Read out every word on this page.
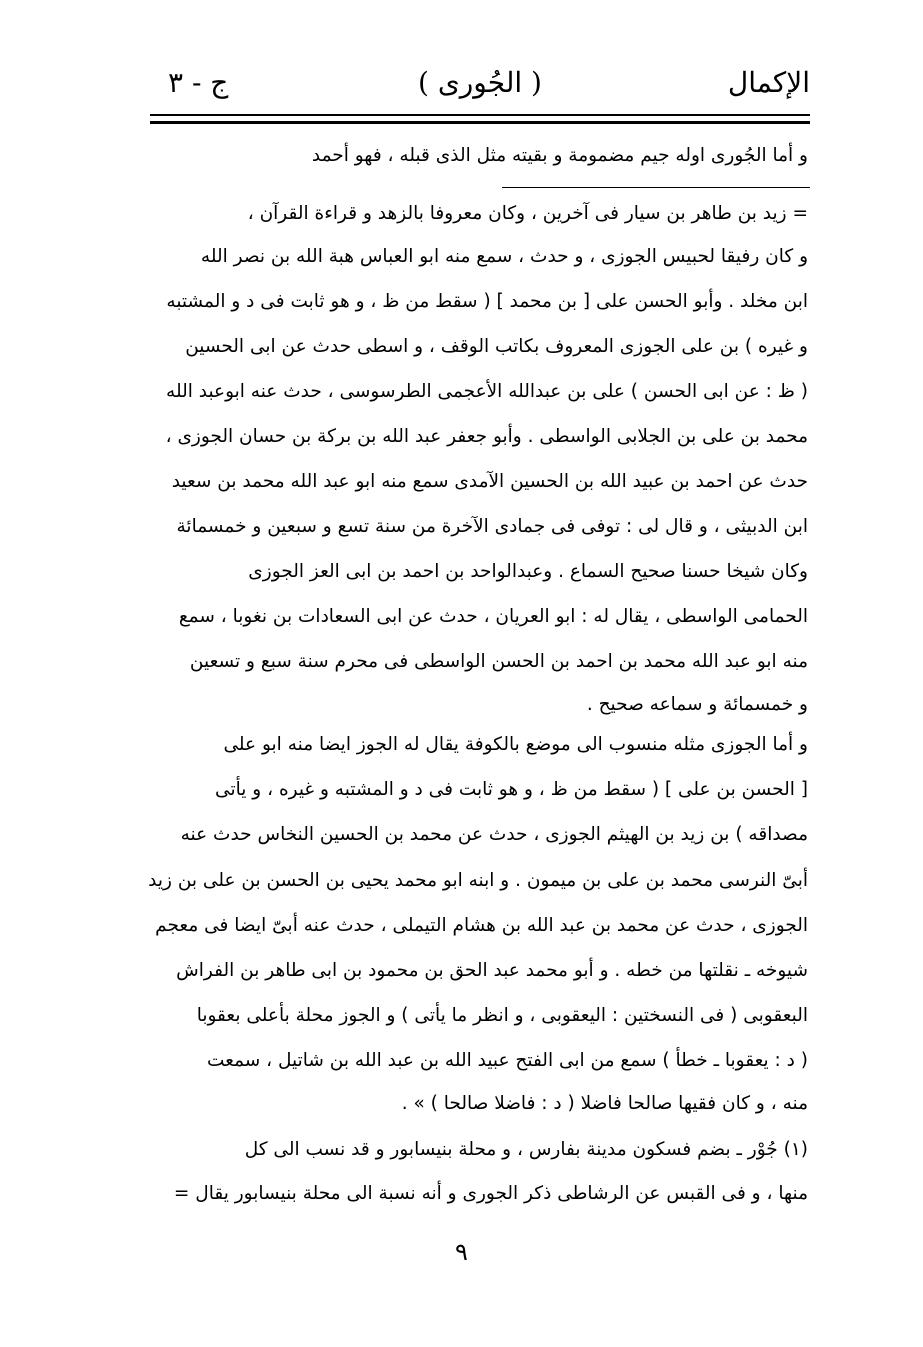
ج - ٣	( الجُورى )	الإكمال
و أما الجُورى اوله جيم مضمومة و بقيته مثل الذى قبله ، فهو أحمد
= زيد بن طاهر بن سيار فى آخرين ، وكان معروفا بالزهد و قراءة القرآن ،
و كان رفيقا لحبيس الجوزى ، و حدث ، سمع منه ابو العباس هبة الله بن نصر الله
ابن مخلد . وأبو الحسن على [ بن محمد ] ( سقط من ظ ، و هو ثابت فى د و المشتبه
و غيره ) بن على الجوزى المعروف بكاتب الوقف ، و اسطى حدث عن ابى الحسين
( ظ : عن ابى الحسن ) على بن عبدالله الأعجمى الطرسوسى ، حدث عنه ابوعبد الله
محمد بن على بن الجلابى الواسطى . وأبو جعفر عبد الله بن بركة بن حسان الجوزى ،
حدث عن احمد بن عبيد الله بن الحسين الآمدى سمع منه ابو عبد الله محمد بن سعيد
ابن الدبيثى ، و قال لى : توفى فى جمادى الآخرة من سنة تسع و سبعين و خمسمائة
وكان شيخا حسنا صحيح السماع . وعبدالواحد بن احمد بن ابى العز الجوزى
الحمامى الواسطى ، يقال له : ابو العريان ، حدث عن ابى السعادات بن نغوبا ، سمع
منه ابو عبد الله محمد بن احمد بن الحسن الواسطى فى محرم سنة سبع و تسعين
و خمسمائة و سماعه صحيح .
و أما الجوزى مثله منسوب الى موضع بالكوفة يقال له الجوز ايضا منه ابو على
[ الحسن بن على ] ( سقط من ظ ، و هو ثابت فى د و المشتبه و غيره ، و يأتى
مصداقه ) بن زيد بن الهيثم الجوزى ، حدث عن محمد بن الحسين النخاس حدث عنه
أبىّ النرسى محمد بن على بن ميمون . و ابنه ابو محمد يحيى بن الحسن بن على بن زيد
الجوزى ، حدث عن محمد بن عبد الله بن هشام التيملى ، حدث عنه أبىّ ايضا فى معجم
شيوخه ـ نقلتها من خطه . و أبو محمد عبد الحق بن محمود بن ابى طاهر بن الفراش
البعقوبى ( فى النسختين : اليعقوبى ، و انظر ما يأتى ) و الجوز محلة بأعلى بعقوبا
( د : يعقوبا ـ خطأ ) سمع من ابى الفتح عبيد الله بن عبد الله بن شاتيل ، سمعت
منه ، و كان فقيها صالحا فاضلا ( د : فاضلا صالحا ) » .
(١) جُوْر ـ بضم فسكون مدينة بفارس ، و محلة بنيسابور و قد نسب الى كل
منها ، و فى القبس عن الرشاطى ذكر الجورى و أنه نسبة الى محلة بنيسابور يقال =
٩
